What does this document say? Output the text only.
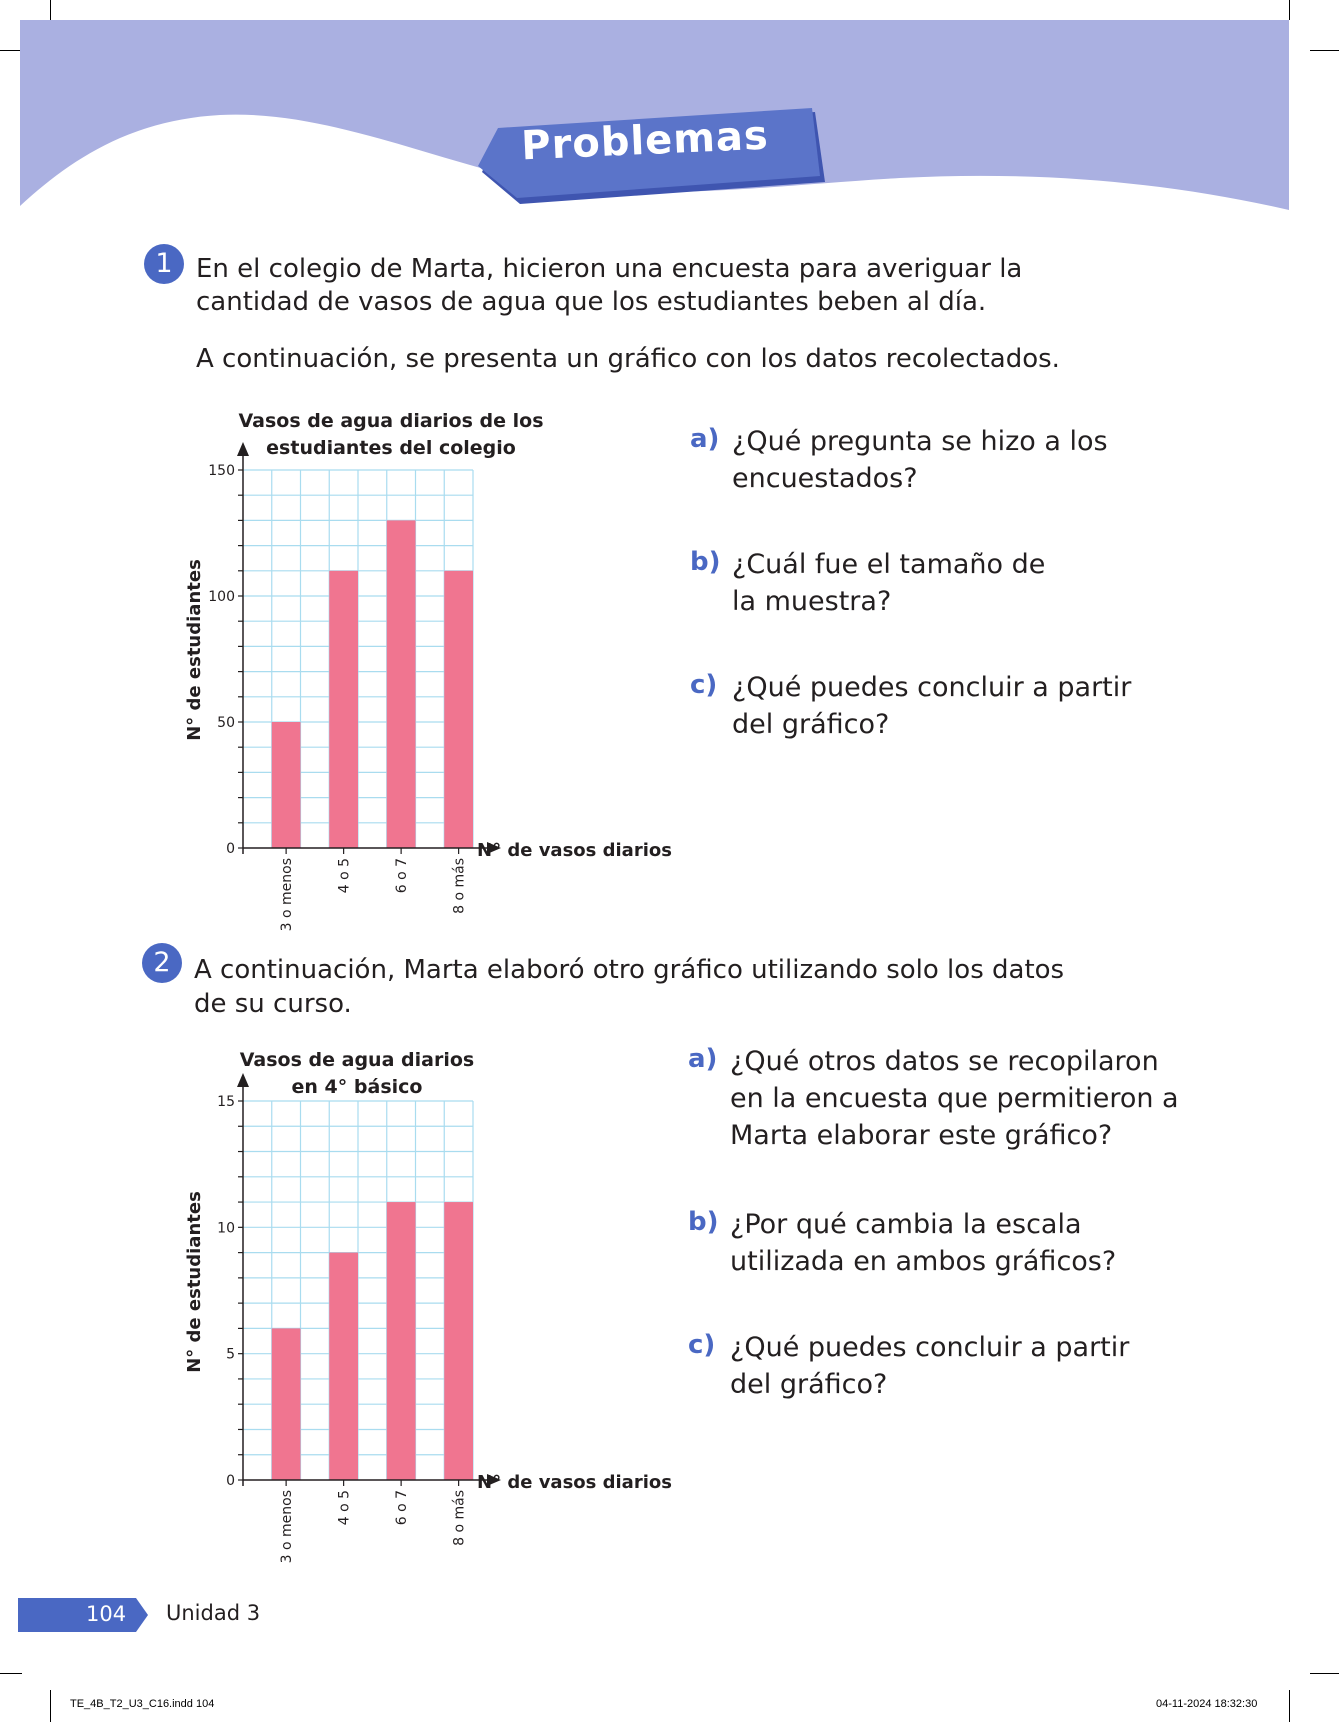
Problemas
1 En el colegio de Marta, hicieron una encuesta para averiguar la
cantidad de vasos de agua que los estudiantes beben al día.
A continuación, se presenta un gráfico con los datos recolectados.
0
50
100
150
3 o menos	4 o 5	6 o 7	8 o más
Vasos de agua diarios de los
estudiantes del colegio
N° de estudiantes
N° de vasos diarios
a) ¿Qué pregunta se hizo a los
encuestados?
b) ¿Cuál fue el tamaño de
la muestra?
c) ¿Qué puedes concluir a partir
del gráfico?
2 A continuación, Marta elaboró otro gráfico utilizando solo los datos
de su curso.
0
5
10
15
3 o menos	4 o 5	6 o 7	8 o más
Vasos de agua diarios
en 4° básico
N° de estudiantes
N° de vasos diarios
a) ¿Qué otros datos se recopilaron
en la encuesta que permitieron a
Marta elaborar este gráfico?
b) ¿Por qué cambia la escala
utilizada en ambos gráficos?
c) ¿Qué puedes concluir a partir
del gráfico?
104 Unidad 3
TE_4B_T2_U3_C16.indd 104	04-11-2024 18:32:30
